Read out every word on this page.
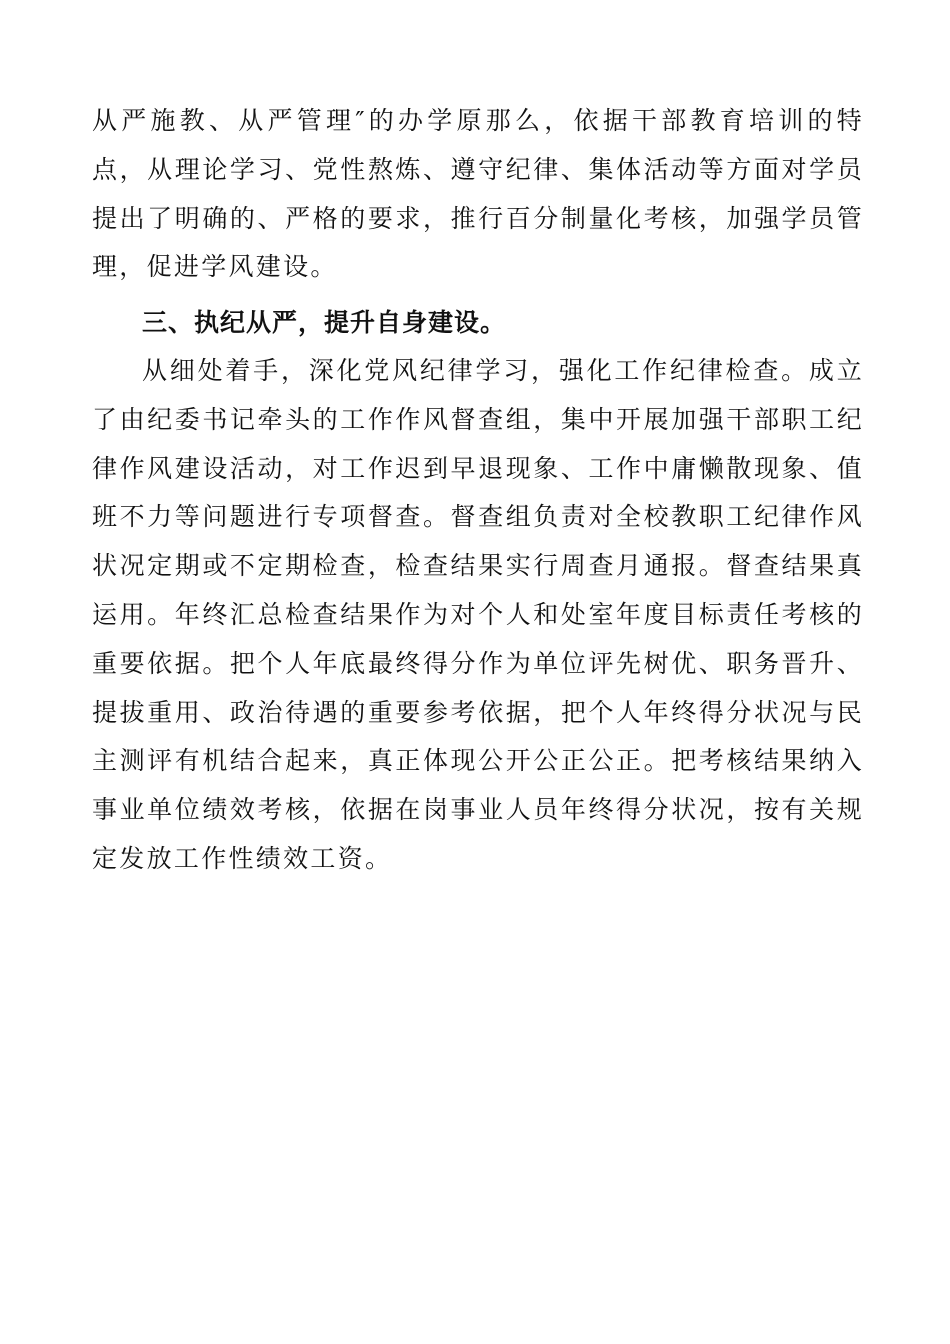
从严施教、从严管理″的办学原那么，依据干部教育培训的特点，从理论学习、党性熬炼、遵守纪律、集体活动等方面对学员提出了明确的、严格的要求，推行百分制量化考核，加强学员管理，促进学风建设。

三、执纪从严，提升自身建设。

从细处着手，深化党风纪律学习，强化工作纪律检查。成立了由纪委书记牵头的工作作风督查组，集中开展加强干部职工纪律作风建设活动，对工作迟到早退现象、工作中庸懒散现象、值班不力等问题进行专项督查。督查组负责对全校教职工纪律作风状况定期或不定期检查，检查结果实行周查月通报。督查结果真运用。年终汇总检查结果作为对个人和处室年度目标责任考核的重要依据。把个人年底最终得分作为单位评先树优、职务晋升、提拔重用、政治待遇的重要参考依据，把个人年终得分状况与民主测评有机结合起来，真正体现公开公正公正。把考核结果纳入事业单位绩效考核，依据在岗事业人员年终得分状况，按有关规定发放工作性绩效工资。
